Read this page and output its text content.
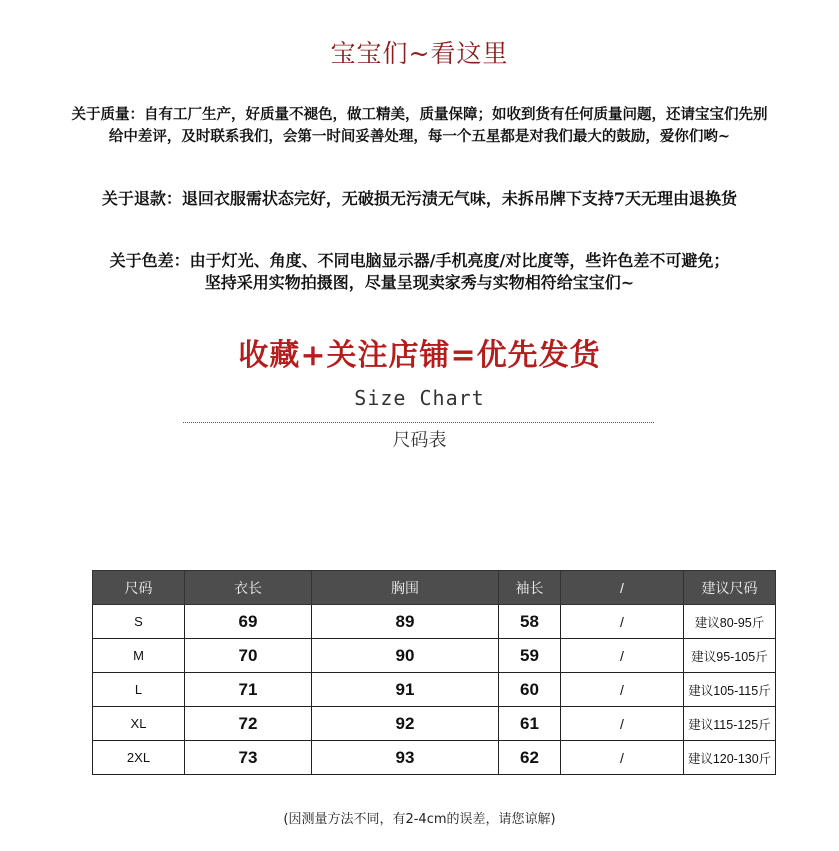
宝宝们~看这里
关于质量：自有工厂生产，好质量不褪色，做工精美，质量保障；如收到货有任何质量问题，还请宝宝们先别
给中差评，及时联系我们，会第一时间妥善处理，每一个五星都是对我们最大的鼓励，爱你们哟~
关于退款：退回衣服需状态完好，无破损无污渍无气味，未拆吊牌下支持7天无理由退换货
关于色差：由于灯光、角度、不同电脑显示器/手机亮度/对比度等，些许色差不可避免；
坚持采用实物拍摄图，尽量呈现卖家秀与实物相符给宝宝们~
收藏+关注店铺=优先发货
Size Chart
尺码表
尺码	衣长	胸围	袖长	/	建议尺码
S	69	89	58	/	建议80-95斤
M	70	90	59	/	建议95-105斤
L	71	91	60	/	建议105-115斤
XL	72	92	61	/	建议115-125斤
2XL	73	93	62	/	建议120-130斤
(因测量方法不同，有2-4cm的误差，请您谅解)
